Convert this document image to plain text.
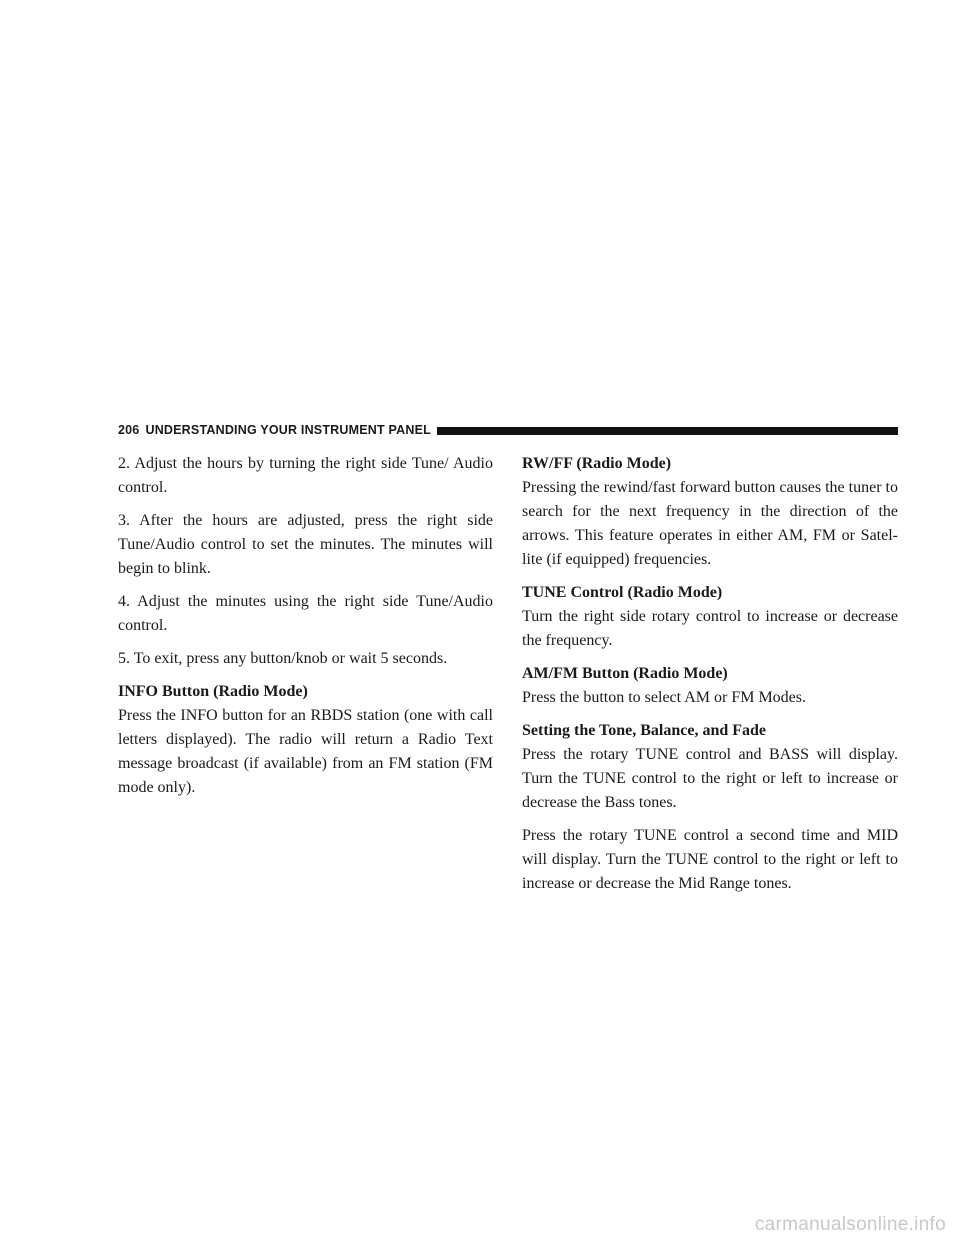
206 UNDERSTANDING YOUR INSTRUMENT PANEL

2. Adjust the hours by turning the right side Tune/ Audio control.

3. After the hours are adjusted, press the right side Tune/Audio control to set the minutes. The minutes will begin to blink.

4. Adjust the minutes using the right side Tune/Audio control.

5. To exit, press any button/knob or wait 5 seconds.

INFO Button (Radio Mode)

Press the INFO button for an RBDS station (one with call letters displayed). The radio will return a Radio Text message broadcast (if available) from an FM station (FM mode only).

RW/FF (Radio Mode)

Pressing the rewind/fast forward button causes the tuner to search for the next frequency in the direction of the arrows. This feature operates in either AM, FM or Satel- lite (if equipped) frequencies.

TUNE Control (Radio Mode)

Turn the right side rotary control to increase or decrease the frequency.

AM/FM Button (Radio Mode)

Press the button to select AM or FM Modes.

Setting the Tone, Balance, and Fade

Press the rotary TUNE control and BASS will display. Turn the TUNE control to the right or left to increase or decrease the Bass tones.

Press the rotary TUNE control a second time and MID will display. Turn the TUNE control to the right or left to increase or decrease the Mid Range tones.

carmanualsonline.info
